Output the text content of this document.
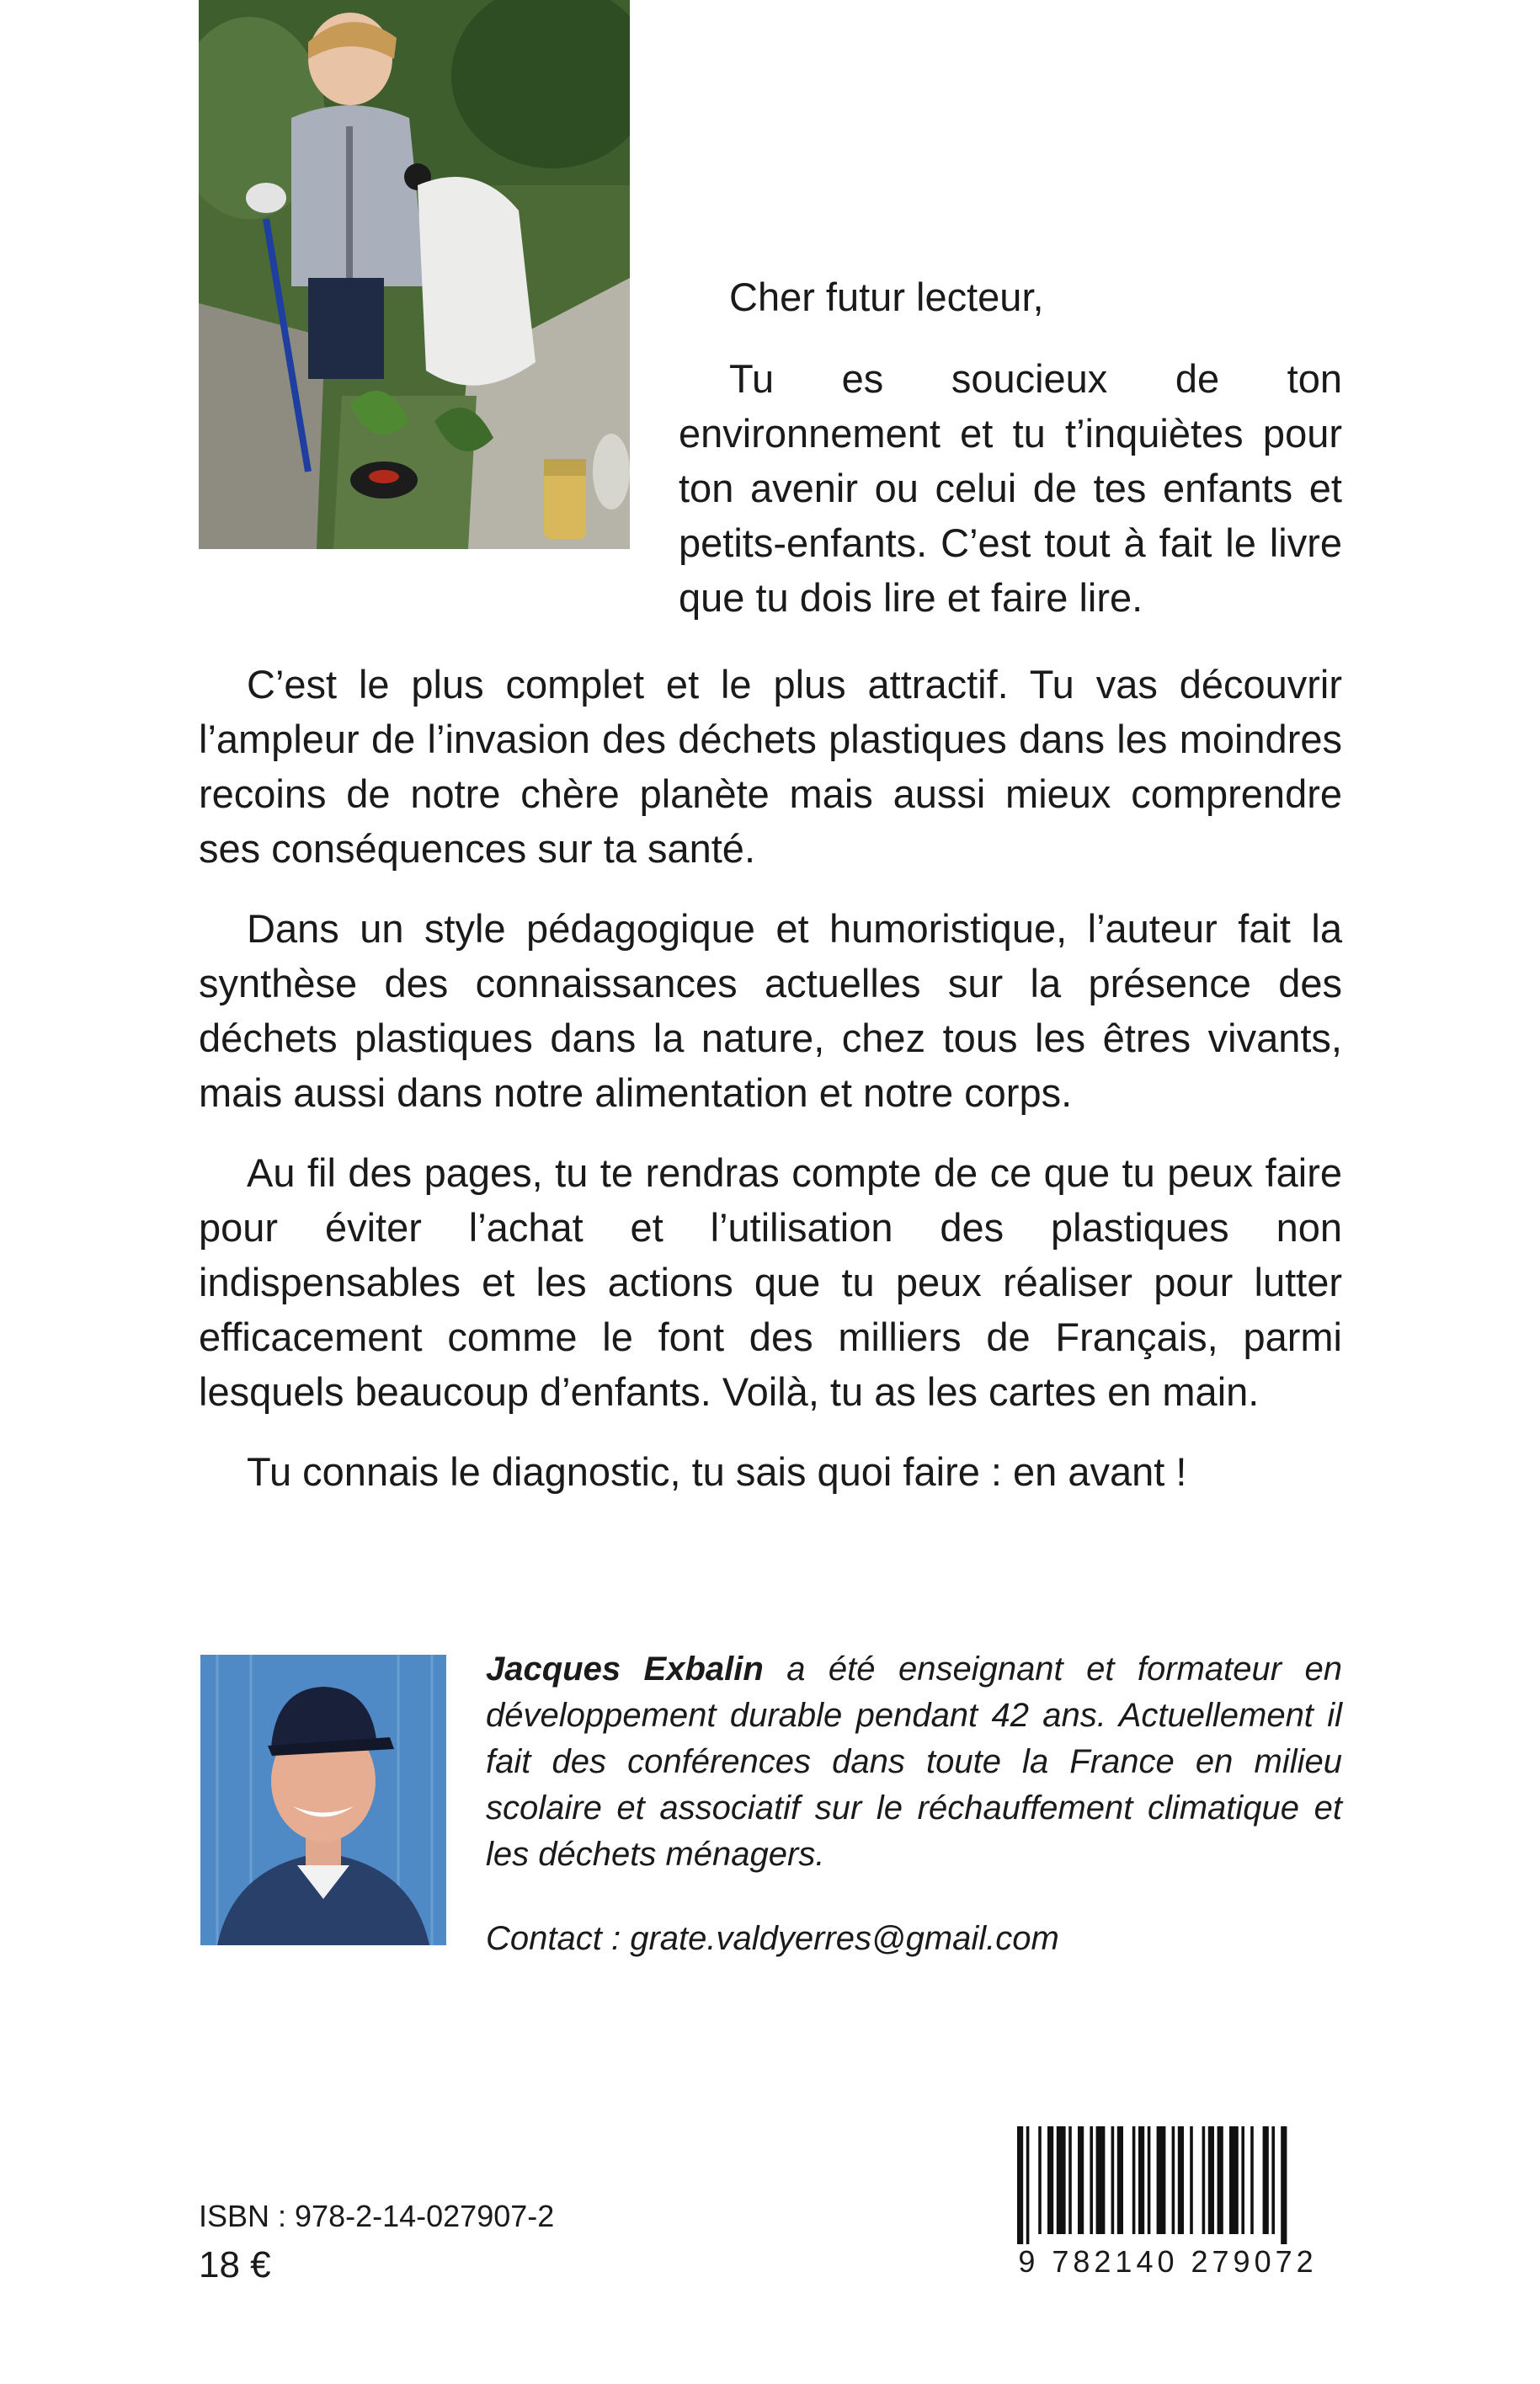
Cher futur lecteur,

Tu es soucieux de ton environnement et tu t’inquiètes pour ton avenir ou celui de tes enfants et petits-enfants. C’est tout à fait le livre que tu dois lire et faire lire.

C’est le plus complet et le plus attractif. Tu vas découvrir l’ampleur de l’invasion des déchets plastiques dans les moindres recoins de notre chère planète mais aussi mieux comprendre ses conséquences sur ta santé.

Dans un style pédagogique et humoristique, l’auteur fait la synthèse des connaissances actuelles sur la présence des déchets plastiques dans la nature, chez tous les êtres vivants, mais aussi dans notre alimentation et notre corps.

Au fil des pages, tu te rendras compte de ce que tu peux faire pour éviter l’achat et l’utilisation des plastiques non indispensables et les actions que tu peux réaliser pour lutter efficacement comme le font des milliers de Français, parmi lesquels beaucoup d’enfants. Voilà, tu as les cartes en main.

Tu connais le diagnostic, tu sais quoi faire : en avant !

Jacques Exbalin a été enseignant et formateur en développement durable pendant 42 ans. Actuellement il fait des conférences dans toute la France en milieu scolaire et associatif sur le réchauffement climatique et les déchets ménagers.

Contact : grate.valdyerres@gmail.com
ISBN : 978-2-14-027907-2
18 €	9 782140 279072
